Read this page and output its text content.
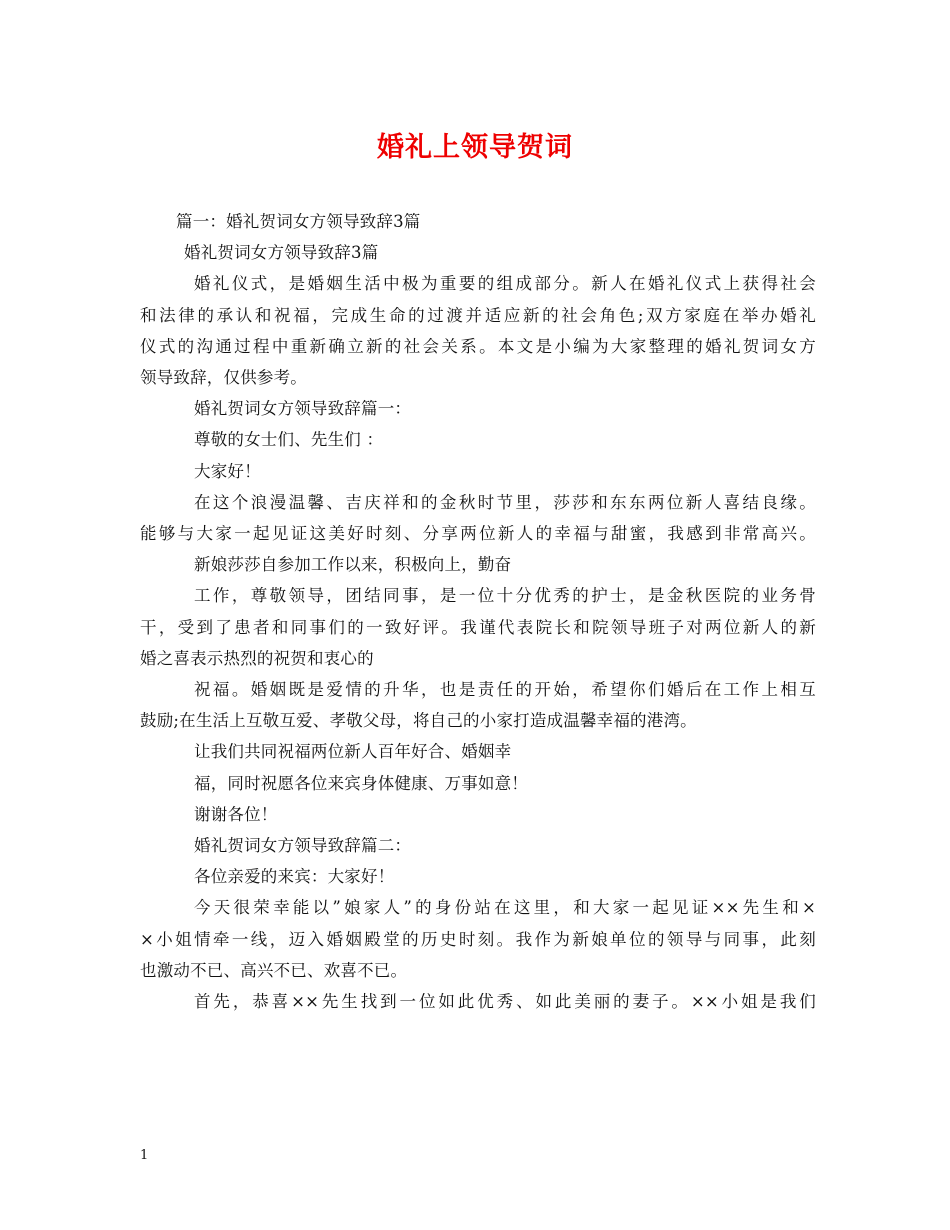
婚礼上领导贺词
篇一：婚礼贺词女方领导致辞3篇
婚礼贺词女方领导致辞3篇
婚礼仪式，是婚姻生活中极为重要的组成部分。新人在婚礼仪式上获得社会
和法律的承认和祝福，完成生命的过渡并适应新的社会角色;双方家庭在举办婚礼
仪式的沟通过程中重新确立新的社会关系。本文是小编为大家整理的婚礼贺词女方
领导致辞，仅供参考。
婚礼贺词女方领导致辞篇一：
尊敬的女士们、先生们 ：
大家好！
在这个浪漫温馨、吉庆祥和的金秋时节里，莎莎和东东两位新人喜结良缘。
能够与大家一起见证这美好时刻、分享两位新人的幸福与甜蜜，我感到非常高兴。
新娘莎莎自参加工作以来，积极向上，勤奋
工作，尊敬领导，团结同事，是一位十分优秀的护士，是金秋医院的业务骨
干，受到了患者和同事们的一致好评。我谨代表院长和院领导班子对两位新人的新
婚之喜表示热烈的祝贺和衷心的
祝福。婚姻既是爱情的升华，也是责任的开始，希望你们婚后在工作上相互
鼓励;在生活上互敬互爱、孝敬父母，将自己的小家打造成温馨幸福的港湾。
让我们共同祝福两位新人百年好合、婚姻幸
福，同时祝愿各位来宾身体健康、万事如意！
谢谢各位！
婚礼贺词女方领导致辞篇二：
各位亲爱的来宾：大家好！
今天很荣幸能以”娘家人”的身份站在这里，和大家一起见证××先生和×
×小姐情牵一线，迈入婚姻殿堂的历史时刻。我作为新娘单位的领导与同事，此刻
也激动不已、高兴不已、欢喜不已。
首先，恭喜××先生找到一位如此优秀、如此美丽的妻子。××小姐是我们
1
